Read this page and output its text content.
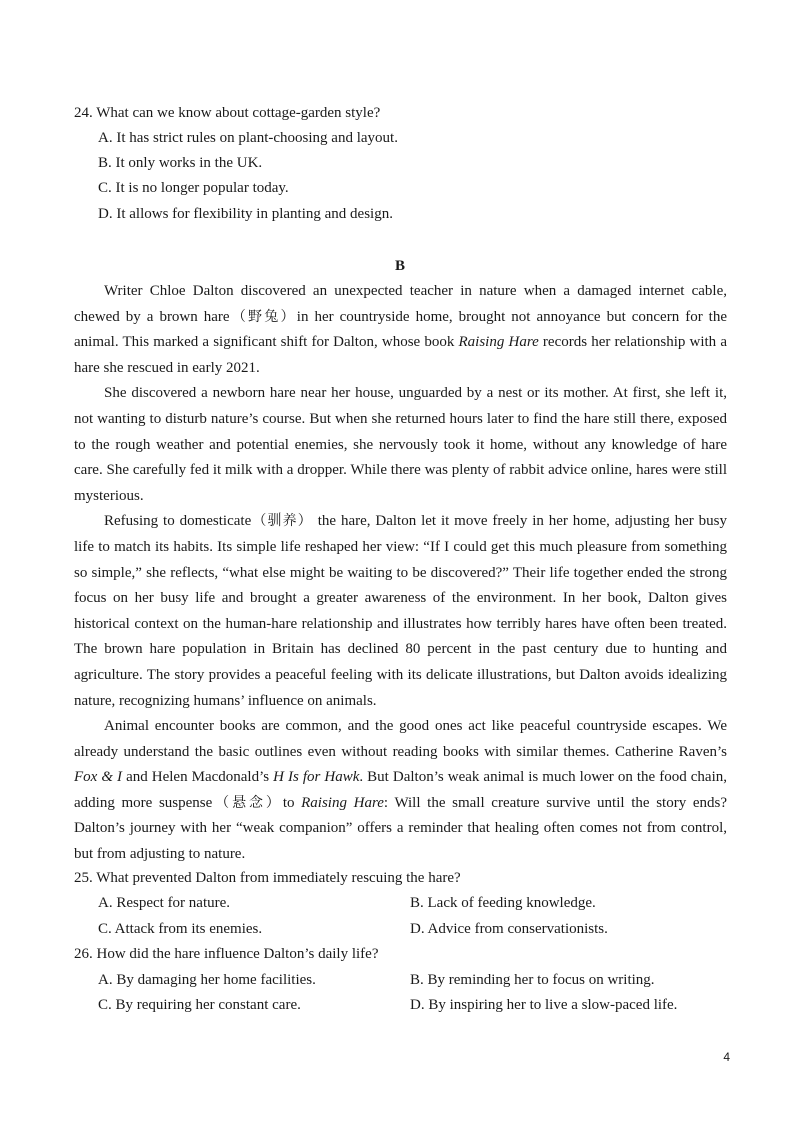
24. What can we know about cottage-garden style?
A. It has strict rules on plant-choosing and layout.
B. It only works in the UK.
C. It is no longer popular today.
D. It allows for flexibility in planting and design.
B

Writer Chloe Dalton discovered an unexpected teacher in nature when a damaged internet cable, chewed by a brown hare（野兔）in her countryside home, brought not annoyance but concern for the animal. This marked a significant shift for Dalton, whose book Raising Hare records her relationship with a hare she rescued in early 2021.

She discovered a newborn hare near her house, unguarded by a nest or its mother. At first, she left it, not wanting to disturb nature’s course. But when she returned hours later to find the hare still there, exposed to the rough weather and potential enemies, she nervously took it home, without any knowledge of hare care. She carefully fed it milk with a dropper. While there was plenty of rabbit advice online, hares were still mysterious.

Refusing to domesticate（驯养） the hare, Dalton let it move freely in her home, adjusting her busy life to match its habits. Its simple life reshaped her view: “If I could get this much pleasure from something so simple,” she reflects, “what else might be waiting to be discovered?” Their life together ended the strong focus on her busy life and brought a greater awareness of the environment. In her book, Dalton gives historical context on the human-hare relationship and illustrates how terribly hares have often been treated. The brown hare population in Britain has declined 80 percent in the past century due to hunting and agriculture. The story provides a peaceful feeling with its delicate illustrations, but Dalton avoids idealizing nature, recognizing humans’ influence on animals.

Animal encounter books are common, and the good ones act like peaceful countryside escapes. We already understand the basic outlines even without reading books with similar themes. Catherine Raven’s Fox & I and Helen Macdonald’s H Is for Hawk. But Dalton’s weak animal is much lower on the food chain, adding more suspense（悬念）to Raising Hare: Will the small creature survive until the story ends? Dalton’s journey with her “weak companion” offers a reminder that healing often comes not from control, but from adjusting to nature.

25. What prevented Dalton from immediately rescuing the hare?
A. Respect for nature.	B. Lack of feeding knowledge.
C. Attack from its enemies.	D. Advice from conservationists.
26. How did the hare influence Dalton’s daily life?
A. By damaging her home facilities.	B. By reminding her to focus on writing.
C. By requiring her constant care.	D. By inspiring her to live a slow-paced life.
4
